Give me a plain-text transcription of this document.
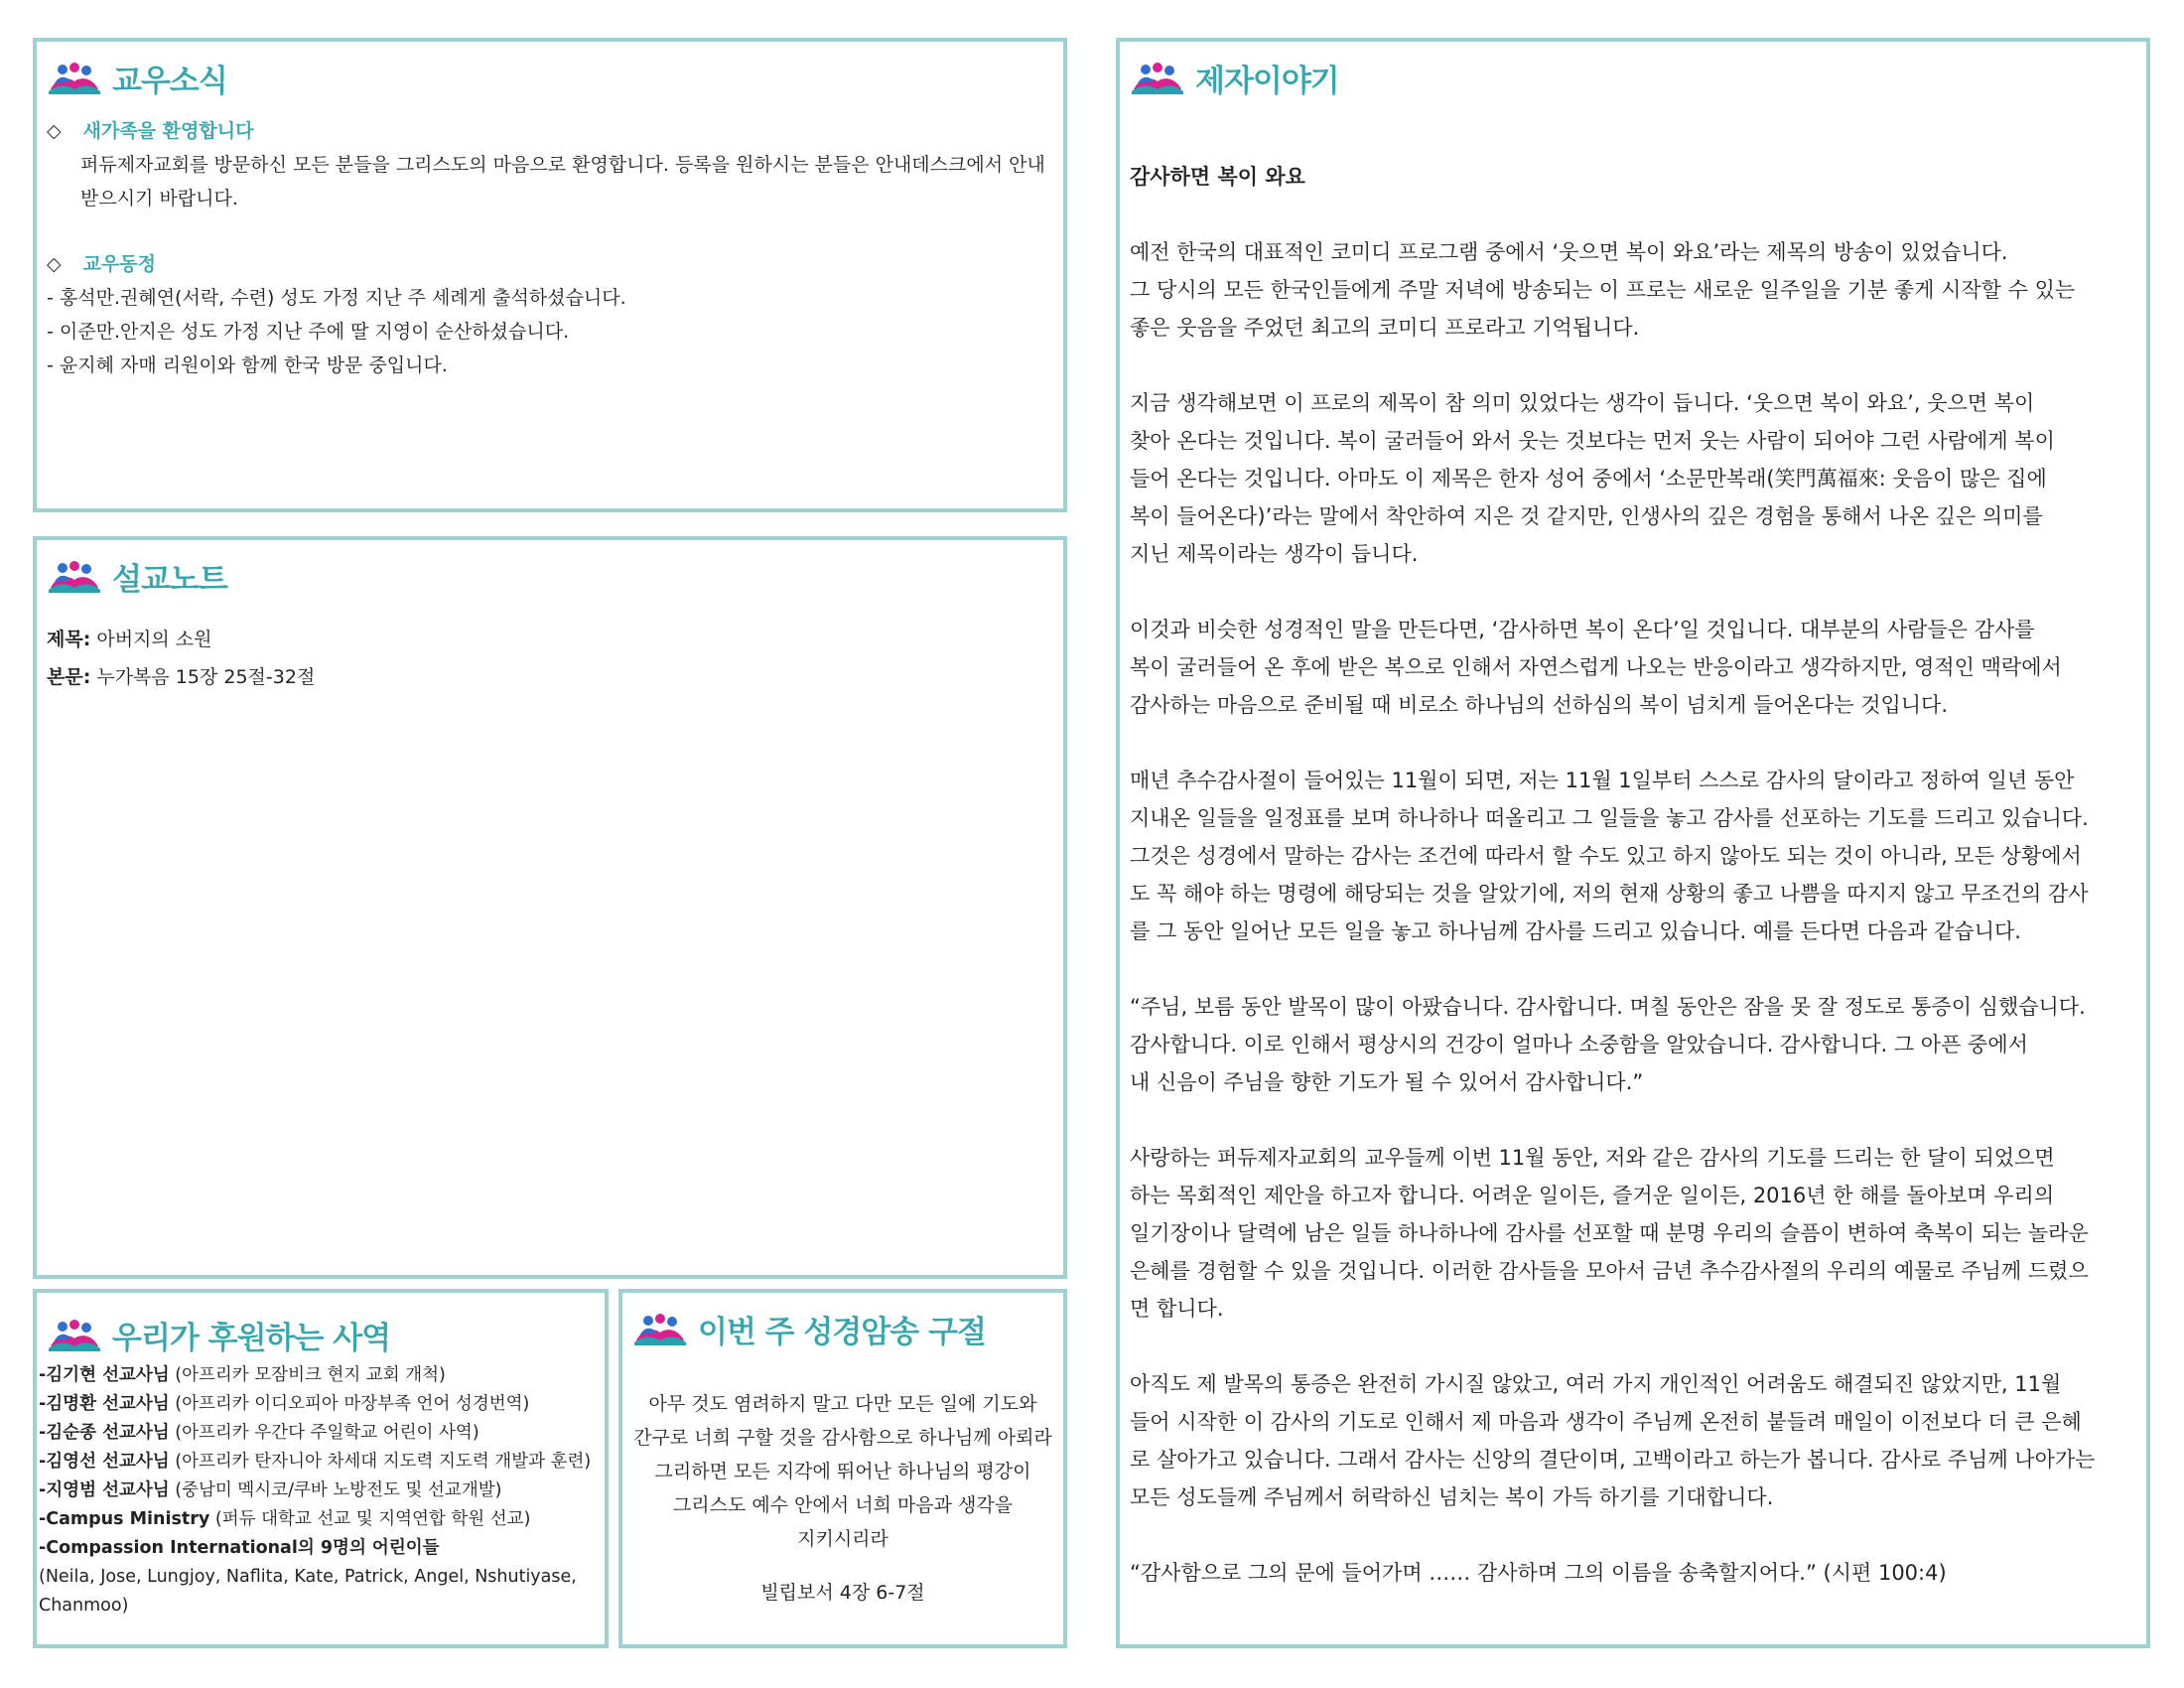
교우소식

◇ 새가족을 환영합니다

퍼듀제자교회를 방문하신 모든 분들을 그리스도의 마음으로 환영합니다. 등록을 원하시는 분들은 안내데스크에서 안내 받으시기 바랍니다.

◇ 교우동정

- 홍석만.권혜연(서락, 수련) 성도 가정 지난 주 세례게 출석하셨습니다.

- 이준만.안지은 성도 가정 지난 주에 딸 지영이 순산하셨습니다.

- 윤지혜 자매 리원이와 함께 한국 방문 중입니다.

설교노트

제목: 아버지의 소원

본문: 누가복음 15장 25절-32절

우리가 후원하는 사역

-김기현 선교사님 (아프리카 모잠비크 현지 교회 개척)

-김명환 선교사님 (아프리카 이디오피아 마장부족 언어 성경번역)

-김순종 선교사님 (아프리카 우간다 주일학교 어린이 사역)

-김영선 선교사님 (아프리카 탄자니아 차세대 지도력 지도력 개발과 훈련)

-지영범 선교사님 (중남미 멕시코/쿠바 노방전도 및 선교개발)

-Campus Ministry (퍼듀 대학교 선교 및 지역연합 학원 선교)

-Compassion International의 9명의 어린이들

(Neila, Jose, Lungjoy, Naflita, Kate, Patrick, Angel, Nshutiyase, Chanmoo)

이번 주 성경암송 구절

아무 것도 염려하지 말고 다만 모든 일에 기도와

간구로 너희 구할 것을 감사함으로 하나님께 아뢰라

그리하면 모든 지각에 뛰어난 하나님의 평강이

그리스도 예수 안에서 너희 마음과 생각을

지키시리라

빌립보서 4장 6-7절

제자이야기

감사하면 복이 와요

예전 한국의 대표적인 코미디 프로그램 중에서 ‘웃으면 복이 와요’라는 제목의 방송이 있었습니다.

그 당시의 모든 한국인들에게 주말 저녁에 방송되는 이 프로는 새로운 일주일을 기분 좋게 시작할 수 있는

좋은 웃음을 주었던 최고의 코미디 프로라고 기억됩니다.

지금 생각해보면 이 프로의 제목이 참 의미 있었다는 생각이 듭니다. ‘웃으면 복이 와요’, 웃으면 복이

찾아 온다는 것입니다. 복이 굴러들어 와서 웃는 것보다는 먼저 웃는 사람이 되어야 그런 사람에게 복이

들어 온다는 것입니다. 아마도 이 제목은 한자 성어 중에서 ‘소문만복래(笑門萬福來: 웃음이 많은 집에

복이 들어온다)’라는 말에서 착안하여 지은 것 같지만, 인생사의 깊은 경험을 통해서 나온 깊은 의미를

지닌 제목이라는 생각이 듭니다.

이것과 비슷한 성경적인 말을 만든다면, ‘감사하면 복이 온다’일 것입니다. 대부분의 사람들은 감사를

복이 굴러들어 온 후에 받은 복으로 인해서 자연스럽게 나오는 반응이라고 생각하지만, 영적인 맥락에서

감사하는 마음으로 준비될 때 비로소 하나님의 선하심의 복이 넘치게 들어온다는 것입니다.

매년 추수감사절이 들어있는 11월이 되면, 저는 11월 1일부터 스스로 감사의 달이라고 정하여 일년 동안

지내온 일들을 일정표를 보며 하나하나 떠올리고 그 일들을 놓고 감사를 선포하는 기도를 드리고 있습니다.

그것은 성경에서 말하는 감사는 조건에 따라서 할 수도 있고 하지 않아도 되는 것이 아니라, 모든 상황에서

도 꼭 해야 하는 명령에 해당되는 것을 알았기에, 저의 현재 상황의 좋고 나쁨을 따지지 않고 무조건의 감사

를 그 동안 일어난 모든 일을 놓고 하나님께 감사를 드리고 있습니다. 예를 든다면 다음과 같습니다.

“주님, 보름 동안 발목이 많이 아팠습니다. 감사합니다. 며칠 동안은 잠을 못 잘 정도로 통증이 심했습니다.

감사합니다. 이로 인해서 평상시의 건강이 얼마나 소중함을 알았습니다. 감사합니다. 그 아픈 중에서

내 신음이 주님을 향한 기도가 될 수 있어서 감사합니다.”

사랑하는 퍼듀제자교회의 교우들께 이번 11월 동안, 저와 같은 감사의 기도를 드리는 한 달이 되었으면

하는 목회적인 제안을 하고자 합니다. 어려운 일이든, 즐거운 일이든, 2016년 한 해를 돌아보며 우리의

일기장이나 달력에 남은 일들 하나하나에 감사를 선포할 때 분명 우리의 슬픔이 변하여 축복이 되는 놀라운

은혜를 경험할 수 있을 것입니다. 이러한 감사들을 모아서 금년 추수감사절의 우리의 예물로 주님께 드렸으

면 합니다.

아직도 제 발목의 통증은 완전히 가시질 않았고, 여러 가지 개인적인 어려움도 해결되진 않았지만, 11월

들어 시작한 이 감사의 기도로 인해서 제 마음과 생각이 주님께 온전히 붙들려 매일이 이전보다 더 큰 은혜

로 살아가고 있습니다. 그래서 감사는 신앙의 결단이며, 고백이라고 하는가 봅니다. 감사로 주님께 나아가는

모든 성도들께 주님께서 허락하신 넘치는 복이 가득 하기를 기대합니다.

“감사함으로 그의 문에 들어가며 …… 감사하며 그의 이름을 송축할지어다.” (시편 100:4)
